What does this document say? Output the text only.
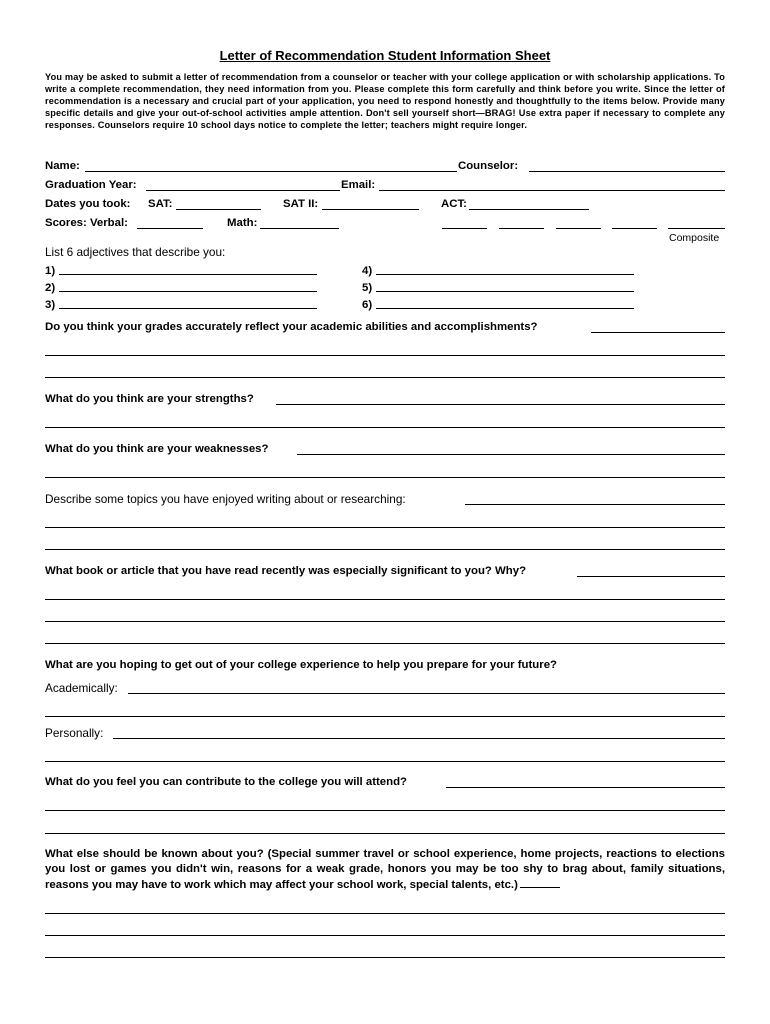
Letter of Recommendation Student Information Sheet
You may be asked to submit a letter of recommendation from a counselor or teacher with your college application or with scholarship applications. To write a complete recommendation, they need information from you. Please complete this form carefully and think before you write. Since the letter of recommendation is a necessary and crucial part of your application, you need to respond honestly and thoughtfully to the items below. Provide many specific details and give your out-of-school activities ample attention. Don't sell yourself short—BRAG! Use extra paper if necessary to complete any responses. Counselors require 10 school days notice to complete the letter; teachers might require longer.
Name:	Counselor:
Graduation Year:	Email:
Dates you took: SAT:	SAT II:	ACT:
Scores: Verbal:	Math:
Composite
List 6 adjectives that describe you:
1)
2)
3)
4)
5)
6)
Do you think your grades accurately reflect your academic abilities and accomplishments?
What do you think are your strengths?
What do you think are your weaknesses?
Describe some topics you have enjoyed writing about or researching:
What book or article that you have read recently was especially significant to you? Why?
What are you hoping to get out of your college experience to help you prepare for your future?
Academically:
Personally:
What do you feel you can contribute to the college you will attend?
What else should be known about you? (Special summer travel or school experience, home projects, reactions to elections you lost or games you didn't win, reasons for a weak grade, honors you may be too shy to brag about, family situations, reasons you may have to work which may affect your school work, special talents, etc.)
